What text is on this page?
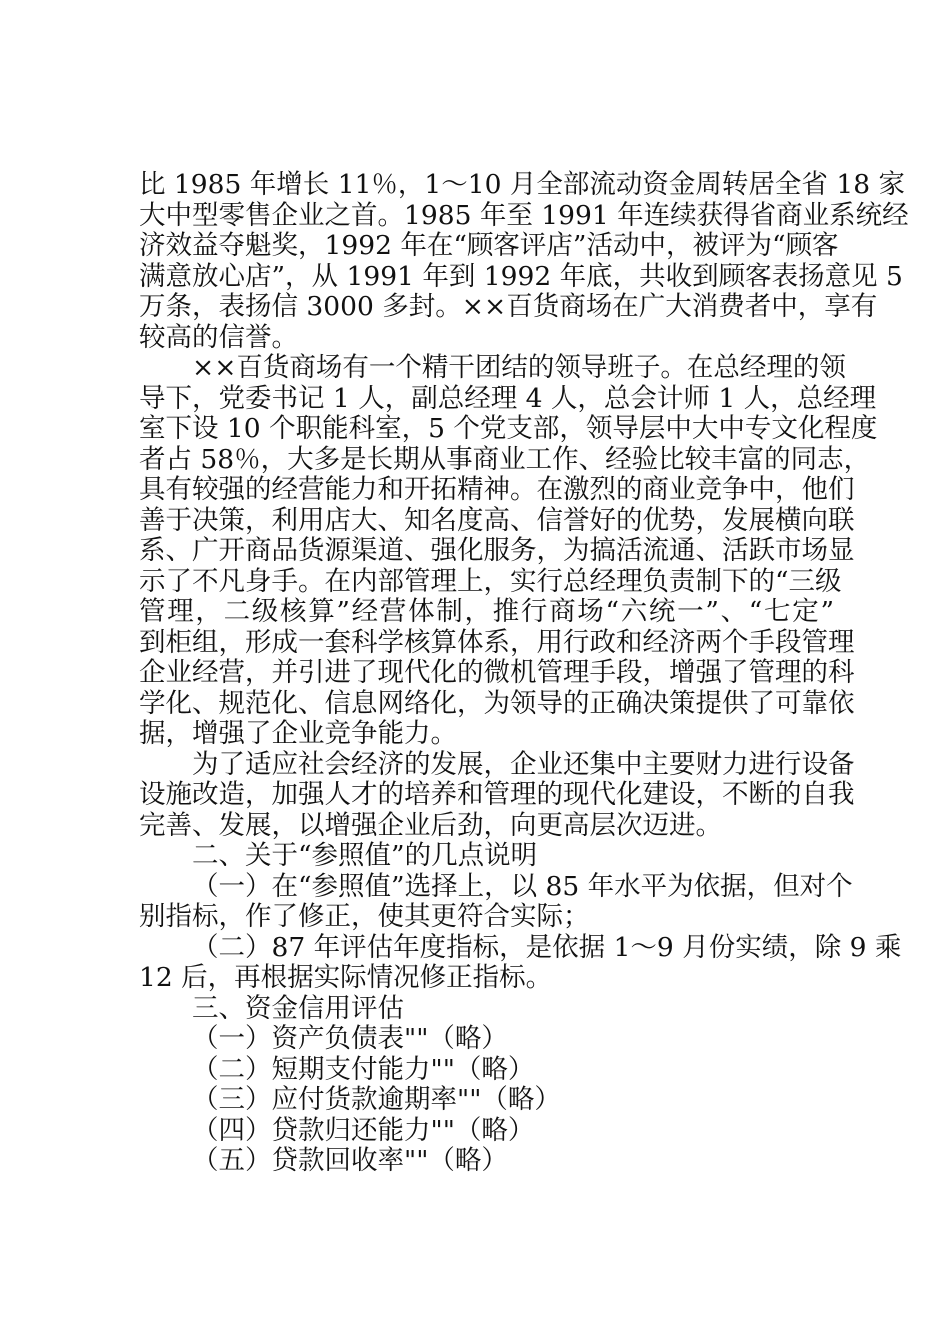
比 1985 年增长 11％，1～10 月全部流动资金周转居全省 18 家
大中型零售企业之首。1985 年至 1991 年连续获得省商业系统经
济效益夺魁奖，1992 年在“顾客评店”活动中，被评为“顾客
满意放心店”，从 1991 年到 1992 年底，共收到顾客表扬意见 5
万条，表扬信 3000 多封。××百货商场在广大消费者中，享有
较高的信誉。
××百货商场有一个精干团结的领导班子。在总经理的领
导下，党委书记 1 人，副总经理 4 人，总会计师 1 人，总经理
室下设 10 个职能科室，5 个党支部，领导层中大中专文化程度
者占 58％，大多是长期从事商业工作、经验比较丰富的同志，
具有较强的经营能力和开拓精神。在激烈的商业竞争中，他们
善于决策，利用店大、知名度高、信誉好的优势，发展横向联
系、广开商品货源渠道、强化服务，为搞活流通、活跃市场显
示了不凡身手。在内部管理上，实行总经理负责制下的“三级
管理，二级核算”经营体制，推行商场“六统一”、“七定”
到柜组，形成一套科学核算体系，用行政和经济两个手段管理
企业经营，并引进了现代化的微机管理手段，增强了管理的科
学化、规范化、信息网络化，为领导的正确决策提供了可靠依
据，增强了企业竞争能力。
为了适应社会经济的发展，企业还集中主要财力进行设备
设施改造，加强人才的培养和管理的现代化建设，不断的自我
完善、发展，以增强企业后劲，向更高层次迈进。
二、关于“参照值”的几点说明
（一）在“参照值”选择上，以 85 年水平为依据，但对个
别指标，作了修正，使其更符合实际；
（二）87 年评估年度指标，是依据 1～9 月份实绩，除 9 乘
12 后，再根据实际情况修正指标。
三、资金信用评估
（一）资产负债表""（略）
（二）短期支付能力""（略）
（三）应付货款逾期率""（略）
（四）贷款归还能力""（略）
（五）贷款回收率""（略）
